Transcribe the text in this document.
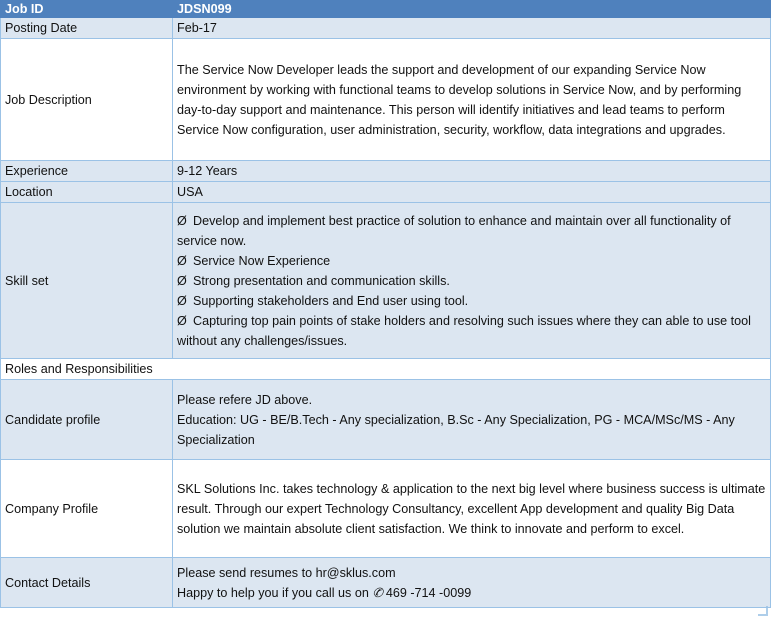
Job ID	JDSN099
Posting Date	Feb-17
Job Description	The Service Now Developer leads the support and development of our expanding Service Now environment by working with functional teams to develop solutions in Service Now, and by performing day-to-day support and maintenance. This person will identify initiatives and lead teams to perform Service Now configuration, user administration, security, workflow, data integrations and upgrades.
Experience	9-12 Years
Location	USA
Skill set	Ø Develop and implement best practice of solution to enhance and maintain over all functionality of service now.
Ø Service Now Experience
Ø Strong presentation and communication skills.
Ø Supporting stakeholders and End user using tool.
Ø Capturing top pain points of stake holders and resolving such issues where they can able to use tool without any challenges/issues.

Roles and Responsibilities	
Candidate profile	Please refere JD above.
Education: UG - BE/B.Tech - Any specialization, B.Sc - Any Specialization, PG - MCA/MSc/MS - Any Specialization

Company Profile	SKL Solutions Inc. takes technology & application to the next big level where business success is ultimate result. Through our expert Technology Consultancy, excellent App development and quality Big Data solution we maintain absolute client satisfaction. We think to innovate and perform to excel.
Contact Details	Please send resumes to hr@sklus.com
Happy to help you if you call us on ✆ 469 -714 -0099
